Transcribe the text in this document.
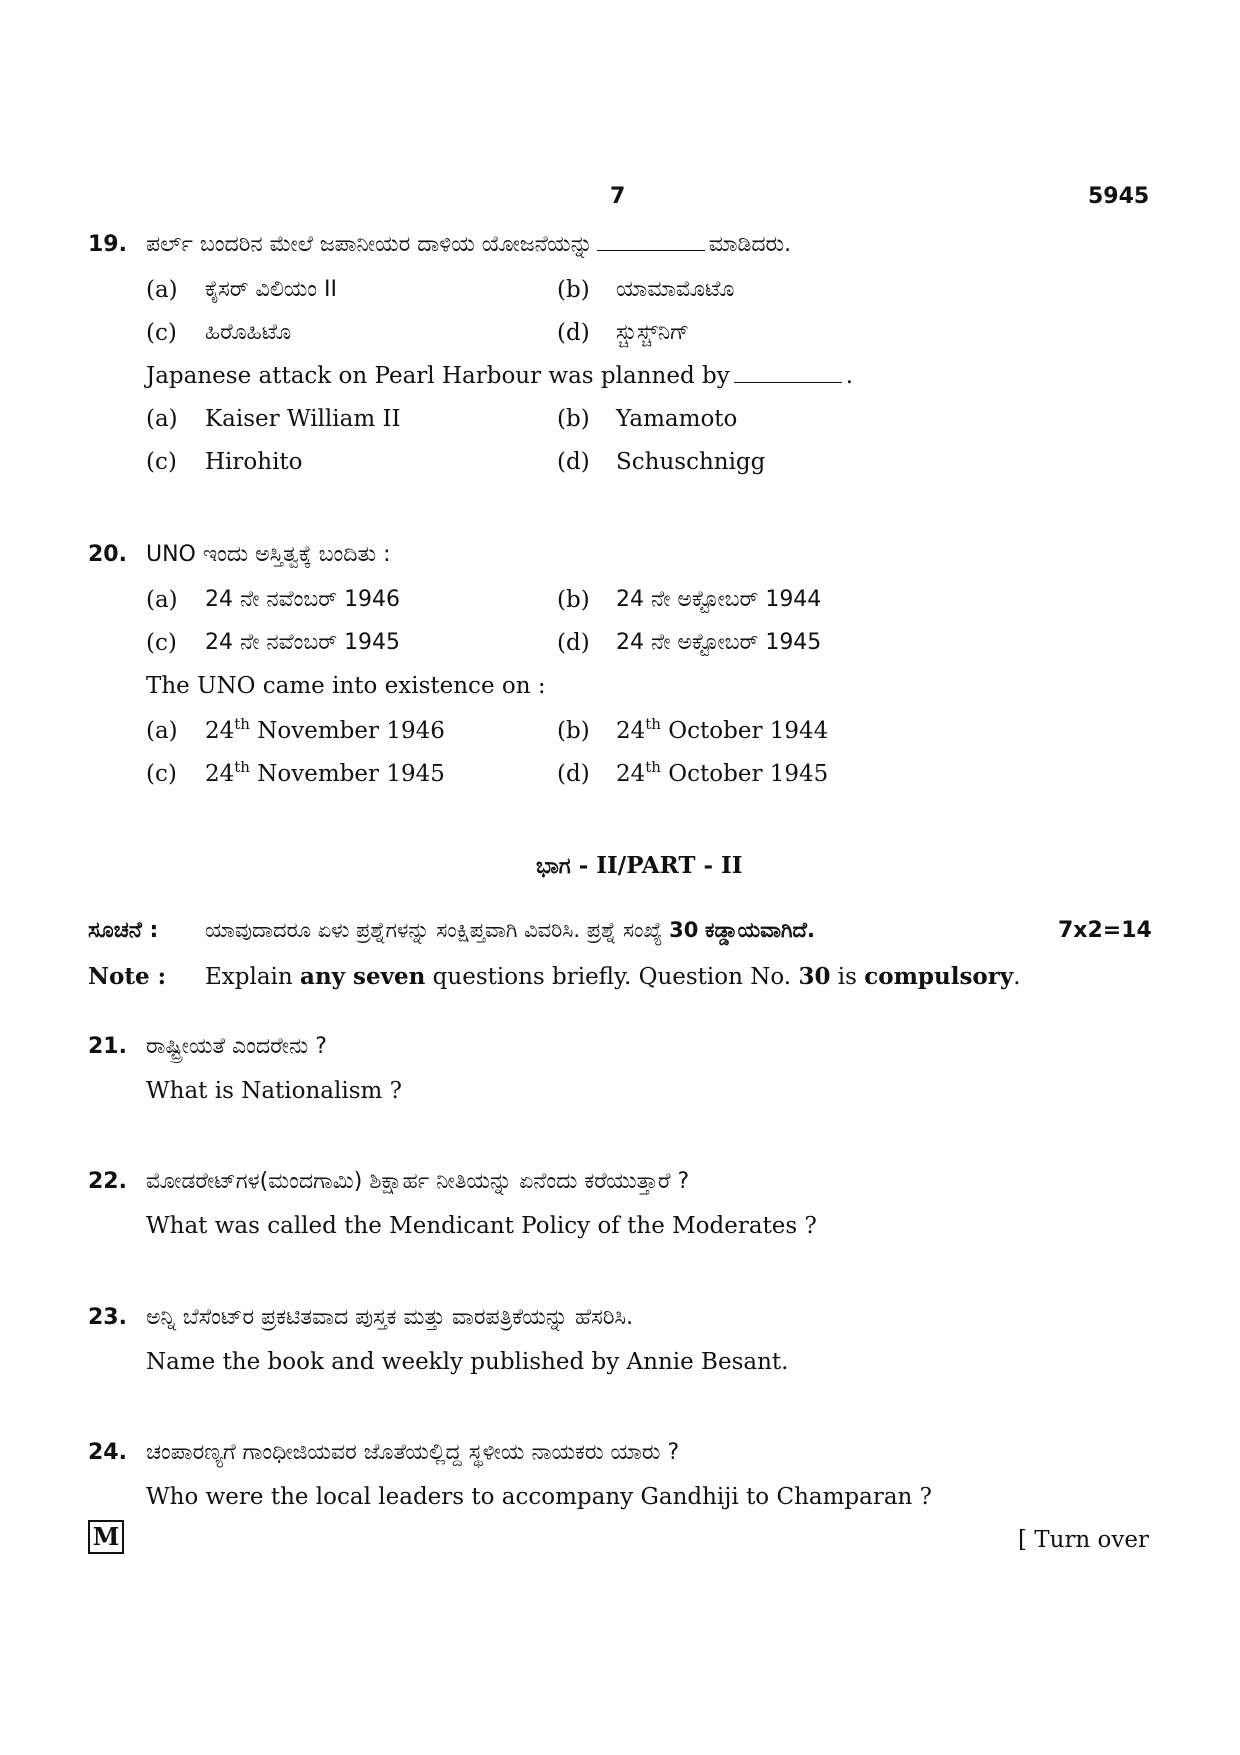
7	5945
19. ಪರ್ಲ್ ಬಂದರಿನ ಮೇಲೆ ಜಪಾನೀಯರ ದಾಳಿಯ ಯೋಜನೆಯನ್ನು	ಮಾಡಿದರು.
(a) ಕೈಸರ್ ವಿಲಿಯಂ II	(b) ಯಾಮಾಮೊಟೊ
(c) ಹಿರೊಹಿಟೊ	(d) ಸ್ಚುಸ್ಚ್‌ನಿಗ್
Japanese attack on Pearl Harbour was planned by	.
(a) Kaiser William II	(b) Yamamoto
(c) Hirohito	(d) Schuschnigg
20. UNO ಇಂದು ಅಸ್ತಿತ್ವಕ್ಕೆ ಬಂದಿತು :
(a) 24 ನೇ ನವೆಂಬರ್ 1946	(b) 24 ನೇ ಅಕ್ಟೋಬರ್ 1944
(c) 24 ನೇ ನವೆಂಬರ್ 1945	(d) 24 ನೇ ಅಕ್ಟೋಬರ್ 1945
The UNO came into existence on :
(a) 24th November 1946	(b) 24th October 1944
(c) 24th November 1945	(d) 24th October 1945
ಭಾಗ - II/PART - II
ಸೂಚನೆ : ಯಾವುದಾದರೂ ಏಳು ಪ್ರಶ್ನೆಗಳನ್ನು ಸಂಕ್ಷಿಪ್ತವಾಗಿ ವಿವರಿಸಿ. ಪ್ರಶ್ನೆ ಸಂಖ್ಯೆ 30 ಕಡ್ಡಾಯವಾಗಿದೆ.	7x2=14
Note : Explain any seven questions briefly. Question No. 30 is compulsory.
21. ರಾಷ್ಟ್ರೀಯತೆ ಎಂದರೇನು ?
What is Nationalism ?
22. ಮೋಡರೇಟ್‌ಗಳ(ಮಂದಗಾಮಿ) ಶಿಕ್ಷಾರ್ಹ ನೀತಿಯನ್ನು ಏನೆಂದು ಕರೆಯುತ್ತಾರೆ ?
What was called the Mendicant Policy of the Moderates ?
23. ಅನ್ನಿ ಬೆಸೆಂಟ್‌ರ ಪ್ರಕಟಿತವಾದ ಪುಸ್ತಕ ಮತ್ತು ವಾರಪತ್ರಿಕೆಯನ್ನು ಹೆಸರಿಸಿ.
Name the book and weekly published by Annie Besant.
24. ಚಂಪಾರಣ್ಯಗೆ ಗಾಂಧೀಜಿಯವರ ಜೊತೆಯಲ್ಲಿದ್ದ ಸ್ಥಳೀಯ ನಾಯಕರು ಯಾರು ?
Who were the local leaders to accompany Gandhiji to Champaran ?
M	[ Turn over
